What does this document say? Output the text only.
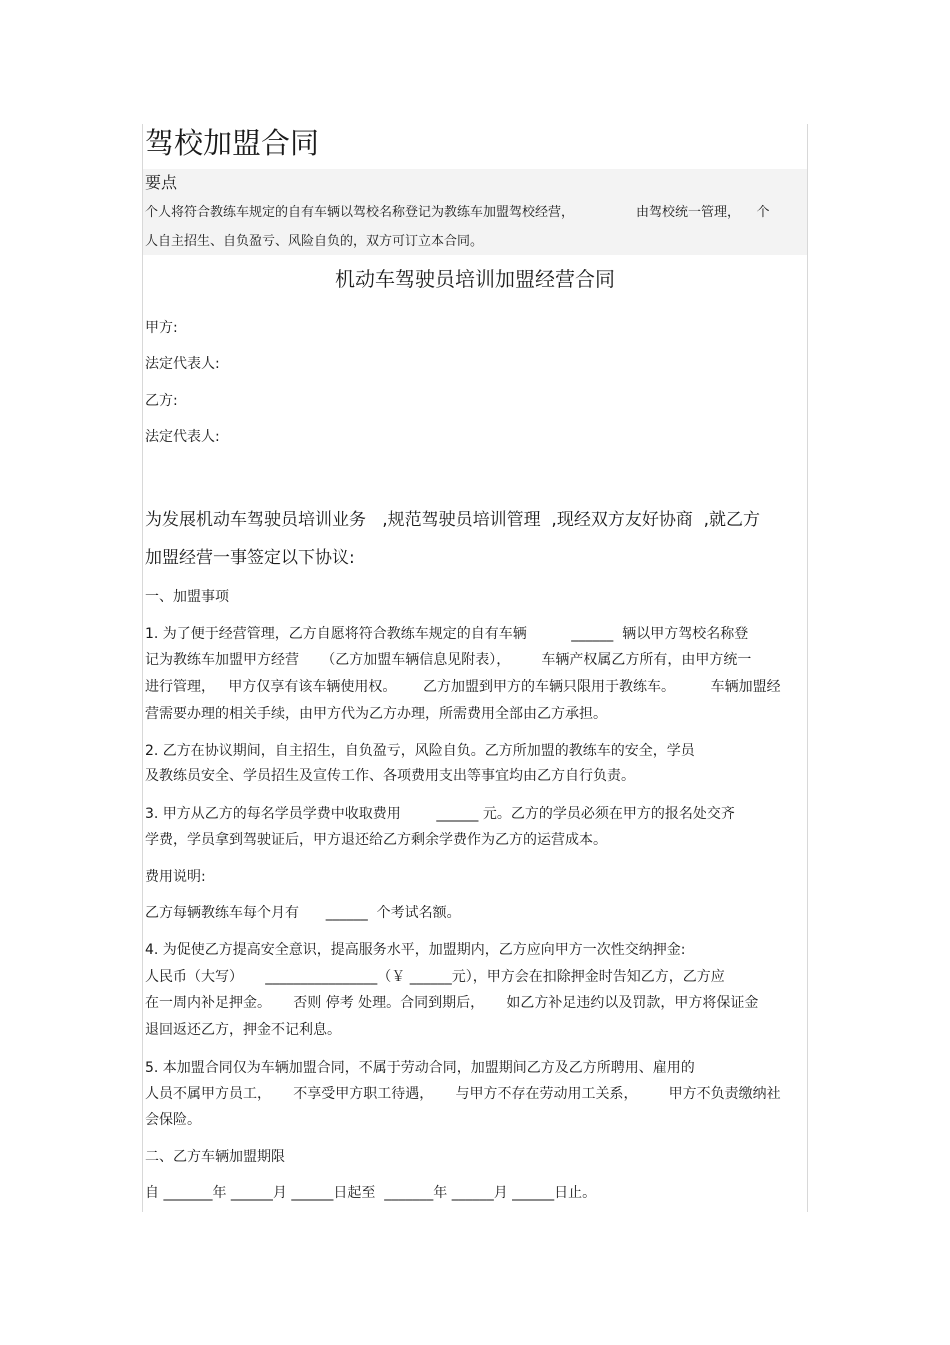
驾校加盟合同
要点
个人将符合教练车规定的自有车辆以驾校名称登记为教练车加盟驾校经营，               由驾校统一管理，    个
人自主招生、自负盈亏、风险自负的，双方可订立本合同。
机动车驾驶员培训加盟经营合同
甲方:
法定代表人:
乙方:
法定代表人:
为发展机动车驾驶员培训业务   ,规范驾驶员培训管理  ,现经双方友好协商  ,就乙方
加盟经营一事签定以下协议:
一、加盟事项
1. 为了便于经营管理，乙方自愿将符合教练车规定的自有车辆          ______  辆以甲方驾校名称登
记为教练车加盟甲方经营     （乙方加盟车辆信息见附表），       车辆产权属乙方所有，由甲方统一
进行管理，   甲方仅享有该车辆使用权。      乙方加盟到甲方的车辆只限用于教练车。        车辆加盟经
营需要办理的相关手续，由甲方代为乙方办理，所需费用全部由乙方承担。
2. 乙方在协议期间，自主招生，自负盈亏，风险自负。乙方所加盟的教练车的安全，学员
及教练员安全、学员招生及宣传工作、各项费用支出等事宜均由乙方自行负责。
3. 甲方从乙方的每名学员学费中收取费用        ______ 元。乙方的学员必须在甲方的报名处交齐
学费，学员拿到驾驶证后，甲方退还给乙方剩余学费作为乙方的运营成本。
费用说明:
乙方每辆教练车每个月有      ______  个考试名额。
4. 为促使乙方提高安全意识，提高服务水平，加盟期内，乙方应向甲方一次性交纳押金:
人民币（大写）     ________________（￥ ______元），甲方会在扣除押金时告知乙方，乙方应
在一周内补足押金。     否则 停考 处理。合同到期后，     如乙方补足违约以及罚款，甲方将保证金
退回返还乙方，押金不记利息。
5. 本加盟合同仅为车辆加盟合同，不属于劳动合同，加盟期间乙方及乙方所聘用、雇用的
人员不属甲方员工，     不享受甲方职工待遇，     与甲方不存在劳动用工关系，       甲方不负责缴纳社
会保险。
二、乙方车辆加盟期限
自 _______年 ______月 ______日起至  _______年 ______月 ______日止。
